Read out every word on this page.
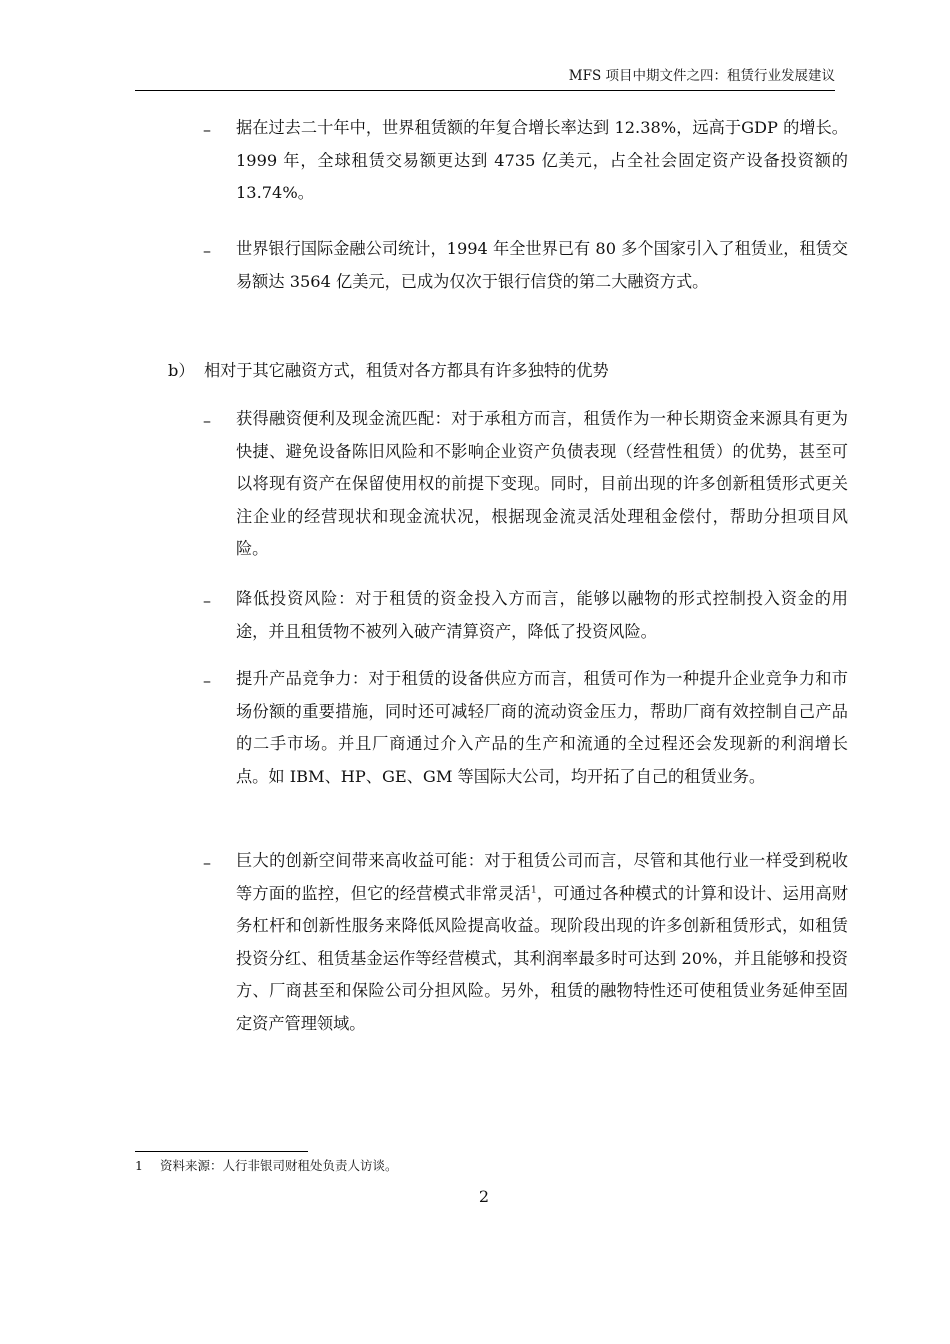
MFS 项目中期文件之四：租赁行业发展建议
– 据在过去二十年中，世界租赁额的年复合增长率达到 12.38%，远高于GDP 的增长。1999 年，全球租赁交易额更达到 4735 亿美元，占全社会固定资产设备投资额的 13.74%。
– 世界银行国际金融公司统计，1994 年全世界已有 80 多个国家引入了租赁业，租赁交易额达 3564 亿美元，已成为仅次于银行信贷的第二大融资方式。
b） 相对于其它融资方式，租赁对各方都具有许多独特的优势
– 获得融资便利及现金流匹配：对于承租方而言，租赁作为一种长期资金来源具有更为快捷、避免设备陈旧风险和不影响企业资产负债表现（经营性租赁）的优势，甚至可以将现有资产在保留使用权的前提下变现。同时，目前出现的许多创新租赁形式更关注企业的经营现状和现金流状况，根据现金流灵活处理租金偿付，帮助分担项目风险。
– 降低投资风险：对于租赁的资金投入方而言，能够以融物的形式控制投入资金的用途，并且租赁物不被列入破产清算资产，降低了投资风险。
– 提升产品竞争力：对于租赁的设备供应方而言，租赁可作为一种提升企业竞争力和市场份额的重要措施，同时还可减轻厂商的流动资金压力，帮助厂商有效控制自己产品的二手市场。并且厂商通过介入产品的生产和流通的全过程还会发现新的利润增长点。如 IBM、HP、GE、GM 等国际大公司，均开拓了自己的租赁业务。
– 巨大的创新空间带来高收益可能：对于租赁公司而言，尽管和其他行业一样受到税收等方面的监控，但它的经营模式非常灵活$^1$，可通过各种模式的计算和设计、运用高财务杠杆和创新性服务来降低风险提高收益。现阶段出现的许多创新租赁形式，如租赁投资分红、租赁基金运作等经营模式，其利润率最多时可达到 20%，并且能够和投资方、厂商甚至和保险公司分担风险。另外，租赁的融物特性还可使租赁业务延伸至固定资产管理领域。
1 资料来源：人行非银司财租处负责人访谈。
2
